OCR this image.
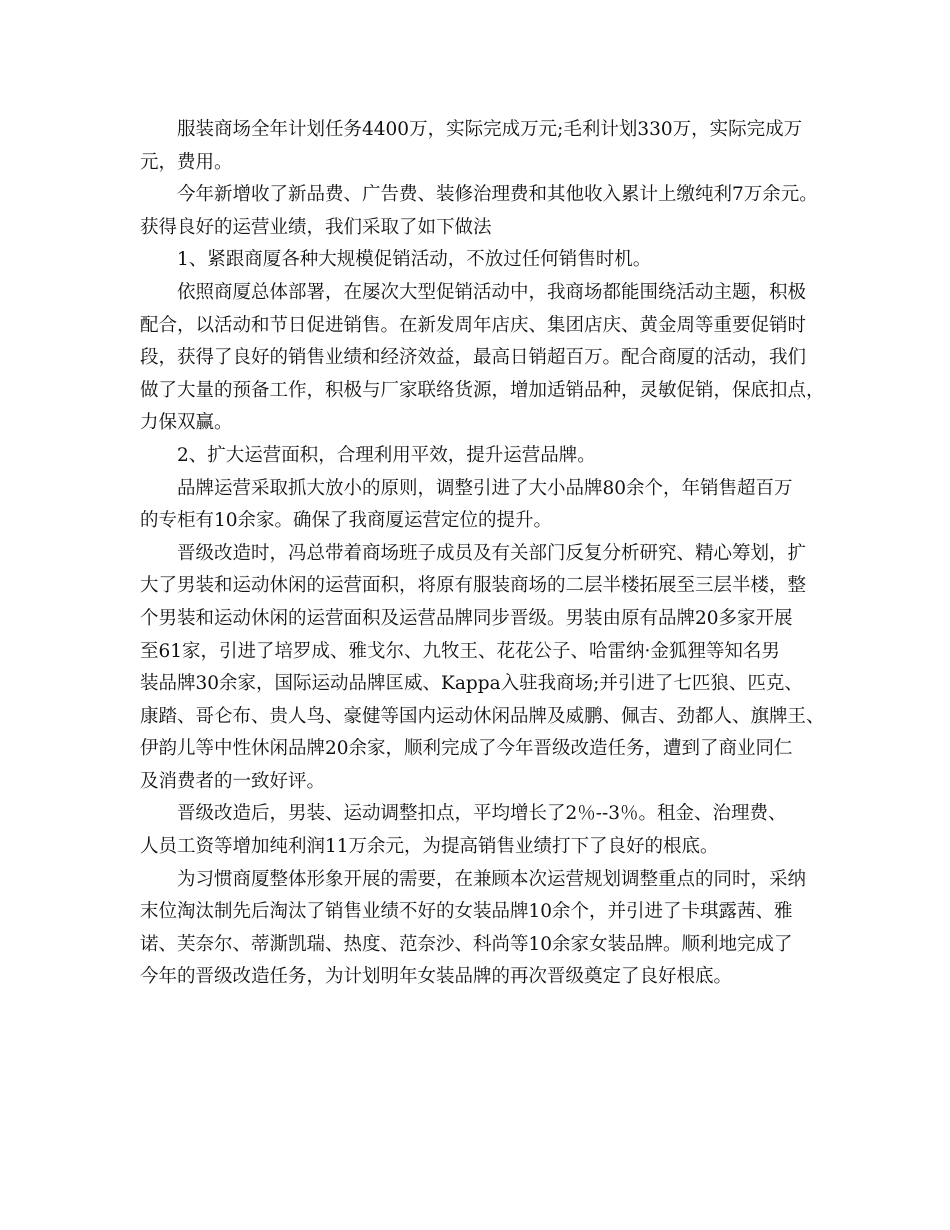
服装商场全年计划任务4400万，实际完成万元;毛利计划330万，实际完成万
元，费用。
今年新增收了新品费、广告费、装修治理费和其他收入累计上缴纯利7万余元。
获得良好的运营业绩，我们采取了如下做法
1、紧跟商厦各种大规模促销活动，不放过任何销售时机。
依照商厦总体部署，在屡次大型促销活动中，我商场都能围绕活动主题，积极
配合，以活动和节日促进销售。在新发周年店庆、集团店庆、黄金周等重要促销时
段，获得了良好的销售业绩和经济效益，最高日销超百万。配合商厦的活动，我们
做了大量的预备工作，积极与厂家联络货源，增加适销品种，灵敏促销，保底扣点，
力保双赢。
2、扩大运营面积，合理利用平效，提升运营品牌。
品牌运营采取抓大放小的原则，调整引进了大小品牌80余个，年销售超百万
的专柜有10余家。确保了我商厦运营定位的提升。
晋级改造时，冯总带着商场班子成员及有关部门反复分析研究、精心筹划，扩
大了男装和运动休闲的运营面积，将原有服装商场的二层半楼拓展至三层半楼，整
个男装和运动休闲的运营面积及运营品牌同步晋级。男装由原有品牌20多家开展
至61家，引进了培罗成、雅戈尔、九牧王、花花公子、哈雷纳·金狐狸等知名男
装品牌30余家，国际运动品牌匡威、Kappa入驻我商场;并引进了七匹狼、匹克、
康踏、哥仑布、贵人鸟、豪健等国内运动休闲品牌及威鹏、佩吉、劲都人、旗牌王、
伊韵儿等中性休闲品牌20余家，顺利完成了今年晋级改造任务，遭到了商业同仁
及消费者的一致好评。
晋级改造后，男装、运动调整扣点，平均增长了2％--3％。租金、治理费、
人员工资等增加纯利润11万余元，为提高销售业绩打下了良好的根底。
为习惯商厦整体形象开展的需要，在兼顾本次运营规划调整重点的同时，采纳
末位淘汰制先后淘汰了销售业绩不好的女装品牌10余个，并引进了卡琪露茜、雅
诺、芙奈尔、蒂澌凯瑞、热度、范奈沙、科尚等10余家女装品牌。顺利地完成了
今年的晋级改造任务，为计划明年女装品牌的再次晋级奠定了良好根底。
